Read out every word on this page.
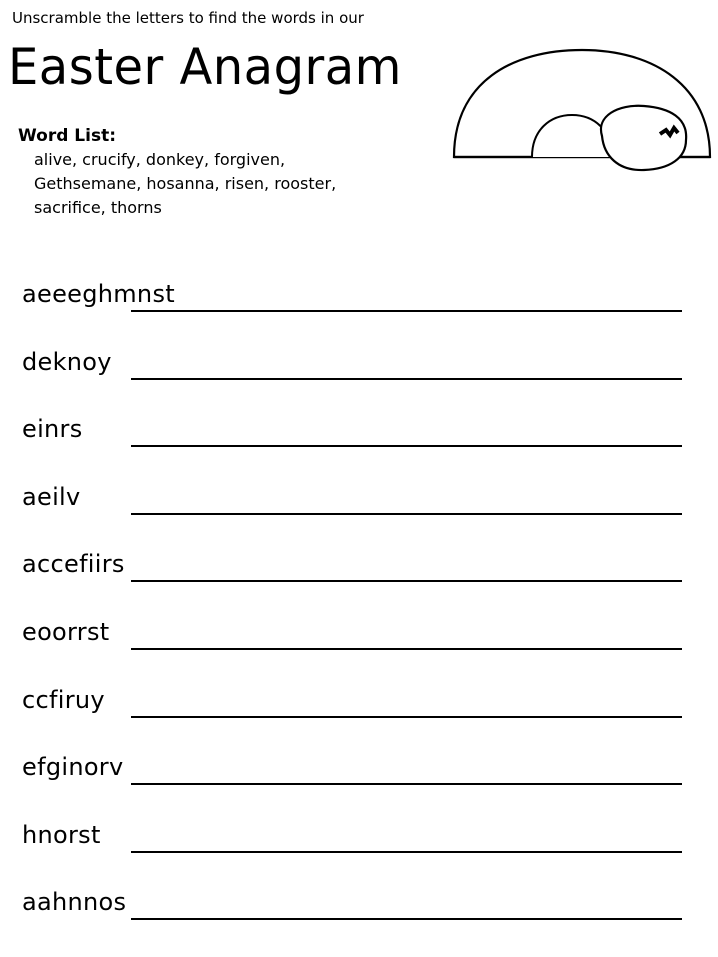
Unscramble the letters to find the words in our
Easter Anagram
Word List:
alive, crucify, donkey, forgiven,
Gethsemane, hosanna, risen, rooster,
sacrifice, thorns
aeeeghmnst
deknoy
einrs
aeilv
accefiirs
eoorrst
ccfiruy
efginorv
hnorst
aahnnos
